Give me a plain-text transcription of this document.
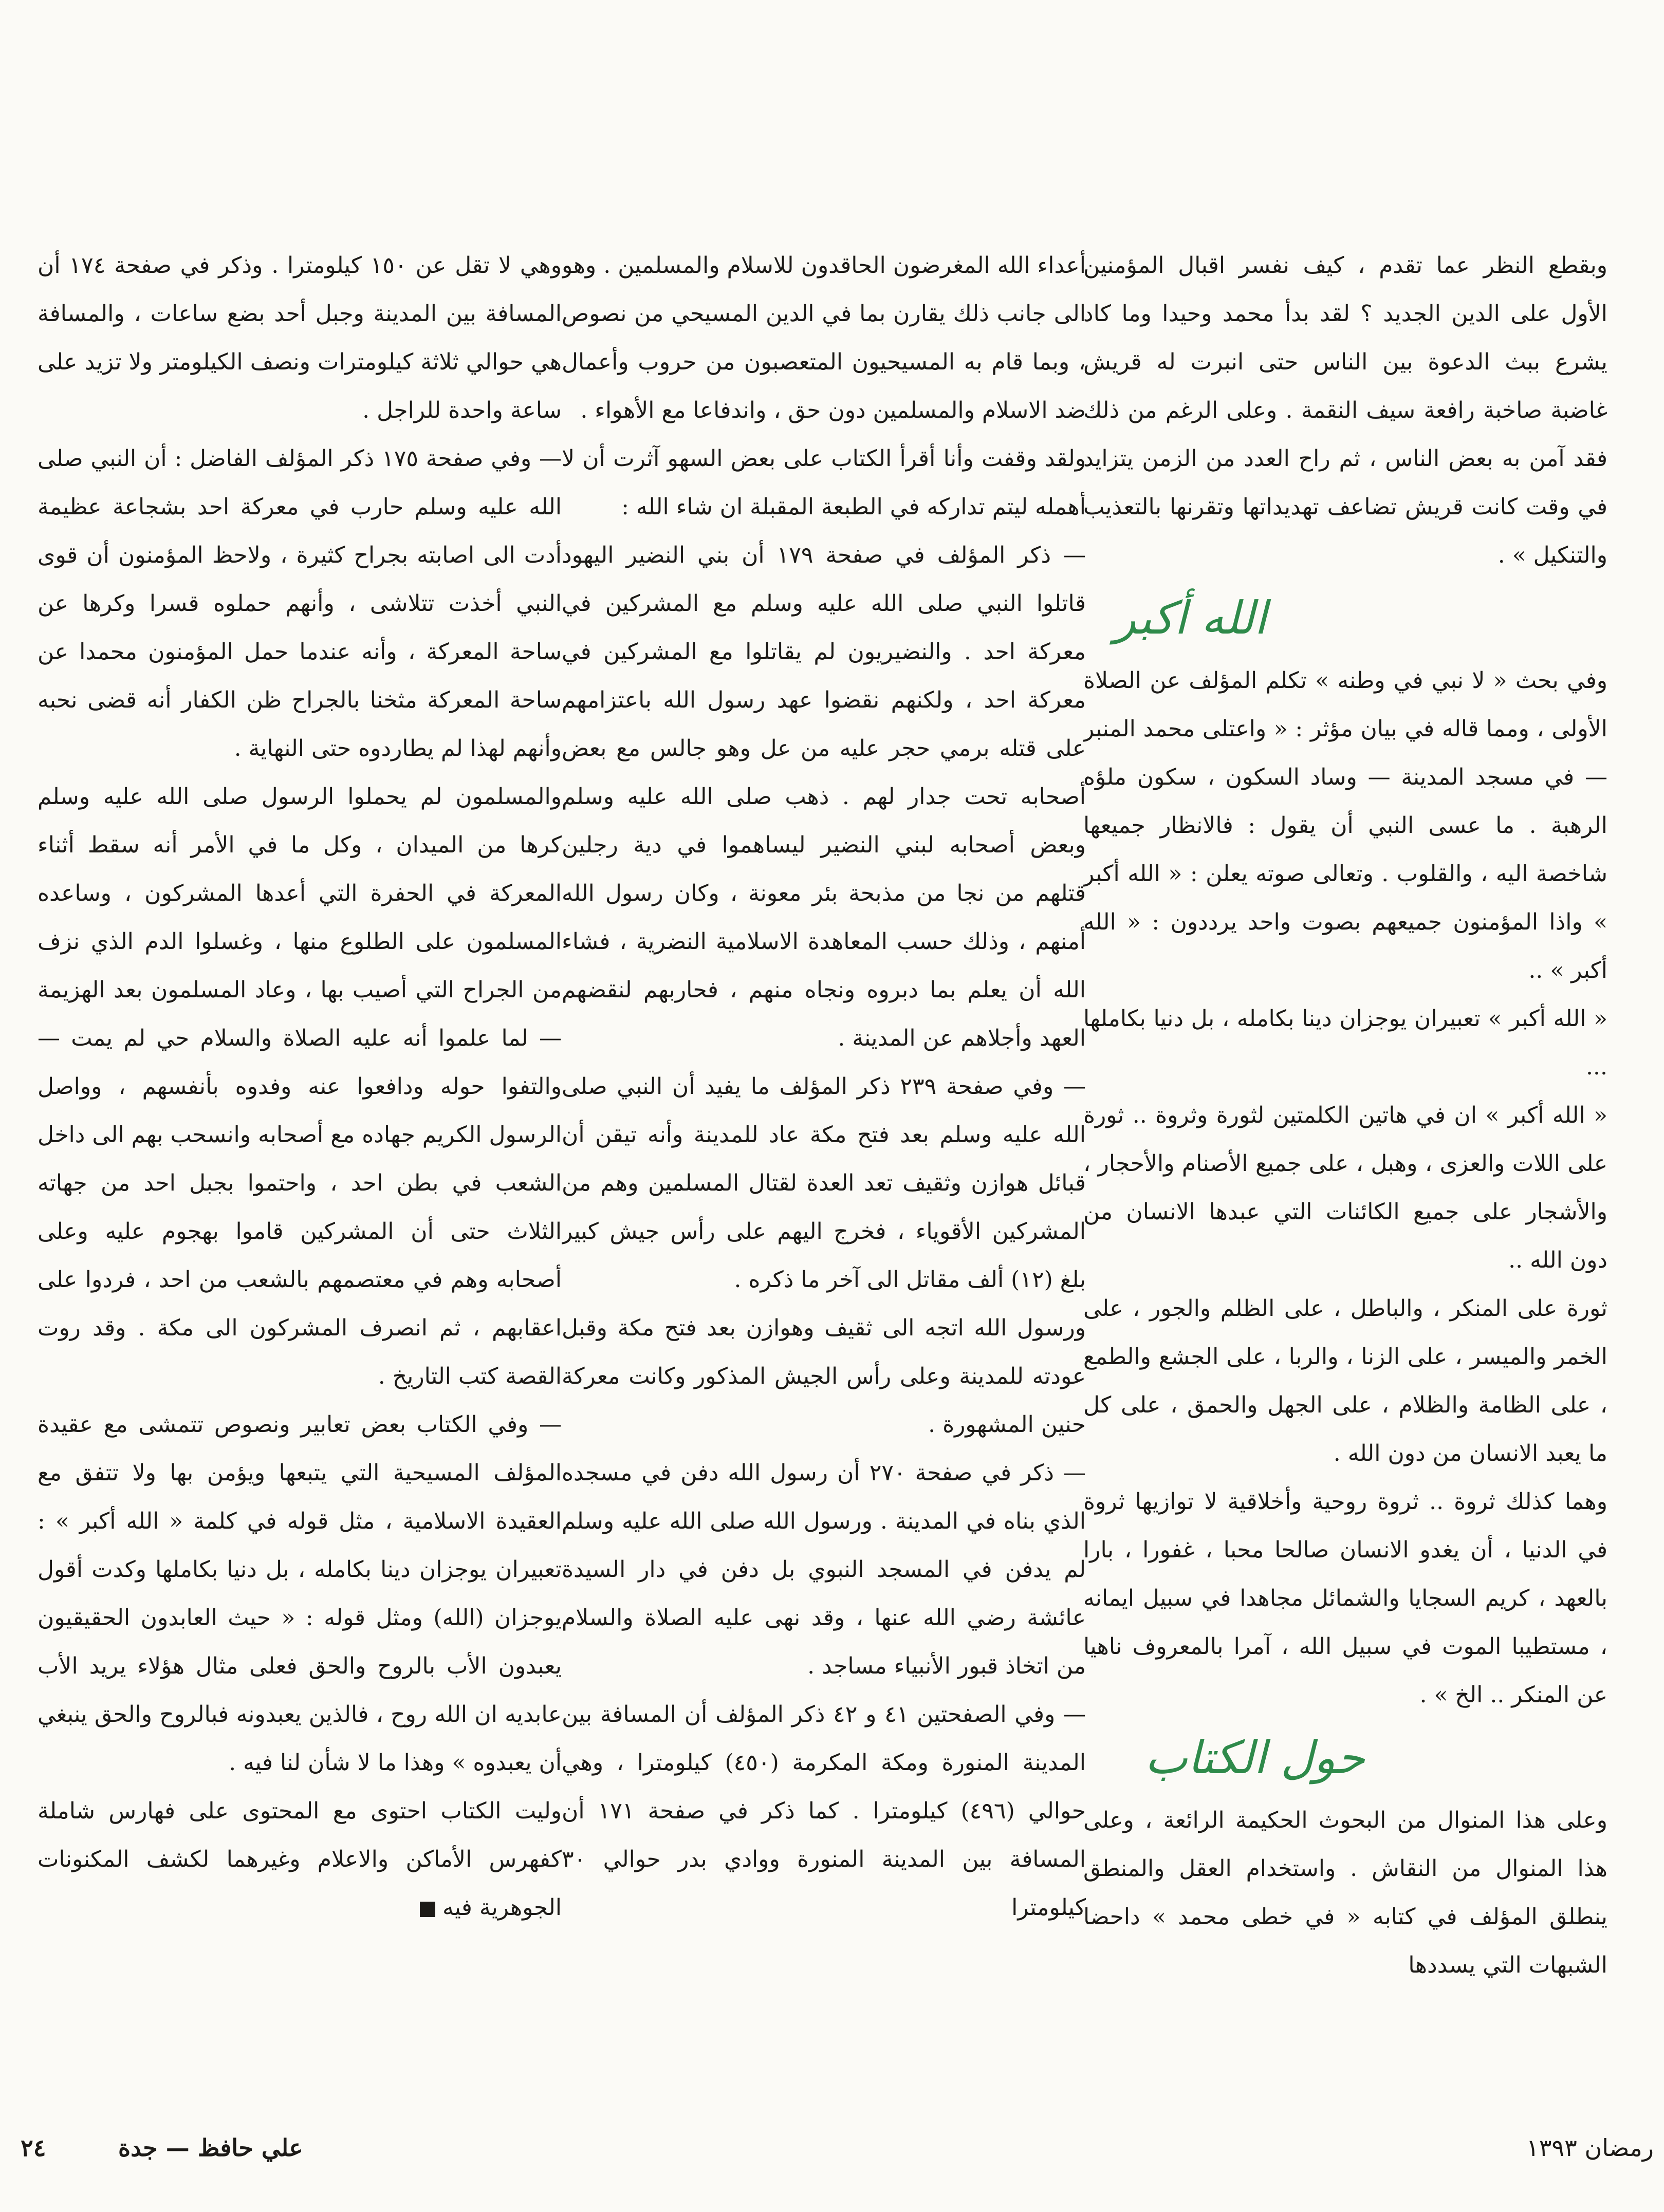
وبقطع النظر عما تقدم ، كيف نفسر اقبال المؤمنين الأول على الدين الجديد ؟ لقد بدأ محمد وحيدا وما كاد يشرع ببث الدعوة بين الناس حتى انبرت له قريش غاضبة صاخبة رافعة سيف النقمة . وعلى الرغم من ذلك فقد آمن به بعض الناس ، ثم راح العدد من الزمن يتزايد في وقت كانت قريش تضاعف تهديداتها وتقرنها بالتعذيب والتنكيل » .

الله أكبر

وفي بحث « لا نبي في وطنه » تكلم المؤلف عن الصلاة الأولى ، ومما قاله في بيان مؤثر : « واعتلى محمد المنبر — في مسجد المدينة — وساد السكون ، سكون ملؤه الرهبة . ما عسى النبي أن يقول : فالانظار جميعها شاخصة اليه ، والقلوب . وتعالى صوته يعلن : « الله أكبر » واذا المؤمنون جميعهم بصوت واحد يرددون : « الله أكبر » ..

« الله أكبر » تعبيران يوجزان دينا بكامله ، بل دنيا بكاملها ...

« الله أكبر » ان في هاتين الكلمتين لثورة وثروة .. ثورة على اللات والعزى ، وهبل ، على جميع الأصنام والأحجار ، والأشجار على جميع الكائنات التي عبدها الانسان من دون الله ..

ثورة على المنكر ، والباطل ، على الظلم والجور ، على الخمر والميسر ، على الزنا ، والربا ، على الجشع والطمع ، على الظامة والظلام ، على الجهل والحمق ، على كل ما يعبد الانسان من دون الله .

وهما كذلك ثروة .. ثروة روحية وأخلاقية لا توازيها ثروة في الدنيا ، أن يغدو الانسان صالحا محبا ، غفورا ، بارا بالعهد ، كريم السجايا والشمائل مجاهدا في سبيل ايمانه ، مستطيبا الموت في سبيل الله ، آمرا بالمعروف ناهيا عن المنكر .. الخ » .

حول الكتاب

وعلى هذا المنوال من البحوث الحكيمة الرائعة ، وعلى هذا المنوال من النقاش . واستخدام العقل والمنطق ينطلق المؤلف في كتابه « في خطى محمد » داحضا الشبهات التي يسددها

أعداء الله المغرضون الحاقدون للاسلام والمسلمين . وهو الى جانب ذلك يقارن بما في الدين المسيحي من نصوص ، وبما قام به المسيحيون المتعصبون من حروب وأعمال ضد الاسلام والمسلمين دون حق ، واندفاعا مع الأهواء .

ولقد وقفت وأنا أقرأ الكتاب على بعض السهو آثرت أن لا أهمله ليتم تداركه في الطبعة المقبلة ان شاء الله :

— ذكر المؤلف في صفحة ١٧٩ أن بني النضير اليهود قاتلوا النبي صلى الله عليه وسلم مع المشركين في معركة احد . والنضيريون لم يقاتلوا مع المشركين في معركة احد ، ولكنهم نقضوا عهد رسول الله باعتزامهم على قتله برمي حجر عليه من عل وهو جالس مع بعض أصحابه تحت جدار لهم . ذهب صلى الله عليه وسلم وبعض أصحابه لبني النضير ليساهموا في دية رجلين قتلهم من نجا من مذبحة بئر معونة ، وكان رسول الله أمنهم ، وذلك حسب المعاهدة الاسلامية النضرية ، فشاء الله أن يعلم بما دبروه ونجاه منهم ، فحاربهم لنقضهم العهد وأجلاهم عن المدينة .

— وفي صفحة ٢٣٩ ذكر المؤلف ما يفيد أن النبي صلى الله عليه وسلم بعد فتح مكة عاد للمدينة وأنه تيقن أن قبائل هوازن وثقيف تعد العدة لقتال المسلمين وهم من المشركين الأقوياء ، فخرج اليهم على رأس جيش كبير بلغ (١٢) ألف مقاتل الى آخر ما ذكره .

ورسول الله اتجه الى ثقيف وهوازن بعد فتح مكة وقبل عودته للمدينة وعلى رأس الجيش المذكور وكانت معركة حنين المشهورة .

— ذكر في صفحة ٢٧٠ أن رسول الله دفن في مسجده الذي بناه في المدينة . ورسول الله صلى الله عليه وسلم لم يدفن في المسجد النبوي بل دفن في دار السيدة عائشة رضي الله عنها ، وقد نهى عليه الصلاة والسلام من اتخاذ قبور الأنبياء مساجد .

— وفي الصفحتين ٤١ و ٤٢ ذكر المؤلف أن المسافة بين المدينة المنورة ومكة المكرمة (٤٥٠) كيلومترا ، وهي حوالي (٤٩٦) كيلومترا . كما ذكر في صفحة ١٧١ أن المسافة بين المدينة المنورة ووادي بدر حوالي ٣٠ كيلومترا

وهي لا تقل عن ١٥٠ كيلومترا . وذكر في صفحة ١٧٤ أن المسافة بين المدينة وجبل أحد بضع ساعات ، والمسافة هي حوالي ثلاثة كيلومترات ونصف الكيلومتر ولا تزيد على ساعة واحدة للراجل .

— وفي صفحة ١٧٥ ذكر المؤلف الفاضل : أن النبي صلى الله عليه وسلم حارب في معركة احد بشجاعة عظيمة أدت الى اصابته بجراح كثيرة ، ولاحظ المؤمنون أن قوى النبي أخذت تتلاشى ، وأنهم حملوه قسرا وكرها عن ساحة المعركة ، وأنه عندما حمل المؤمنون محمدا عن ساحة المعركة مثخنا بالجراح ظن الكفار أنه قضى نحبه وأنهم لهذا لم يطاردوه حتى النهاية .

والمسلمون لم يحملوا الرسول صلى الله عليه وسلم كرها من الميدان ، وكل ما في الأمر أنه سقط أثناء المعركة في الحفرة التي أعدها المشركون ، وساعده المسلمون على الطلوع منها ، وغسلوا الدم الذي نزف من الجراح التي أصيب بها ، وعاد المسلمون بعد الهزيمة — لما علموا أنه عليه الصلاة والسلام حي لم يمت — والتفوا حوله ودافعوا عنه وفدوه بأنفسهم ، وواصل الرسول الكريم جهاده مع أصحابه وانسحب بهم الى داخل الشعب في بطن احد ، واحتموا بجبل احد من جهاته الثلاث حتى أن المشركين قاموا بهجوم عليه وعلى أصحابه وهم في معتصمهم بالشعب من احد ، فردوا على اعقابهم ، ثم انصرف المشركون الى مكة . وقد روت القصة كتب التاريخ .

— وفي الكتاب بعض تعابير ونصوص تتمشى مع عقيدة المؤلف المسيحية التي يتبعها ويؤمن بها ولا تتفق مع العقيدة الاسلامية ، مثل قوله في كلمة « الله أكبر » : تعبيران يوجزان دينا بكامله ، بل دنيا بكاملها وكدت أقول يوجزان (الله) ومثل قوله : « حيث العابدون الحقيقيون يعبدون الأب بالروح والحق فعلى مثال هؤلاء يريد الأب عابديه ان الله روح ، فالذين يعبدونه فبالروح والحق ينبغي أن يعبدوه » وهذا ما لا شأن لنا فيه .

وليت الكتاب احتوى مع المحتوى على فهارس شاملة كفهرس الأماكن والاعلام وغيرهما لكشف المكنونات الجوهرية فيه

علي حافظ — جدة
٢٤	رمضان ١٣٩٣
